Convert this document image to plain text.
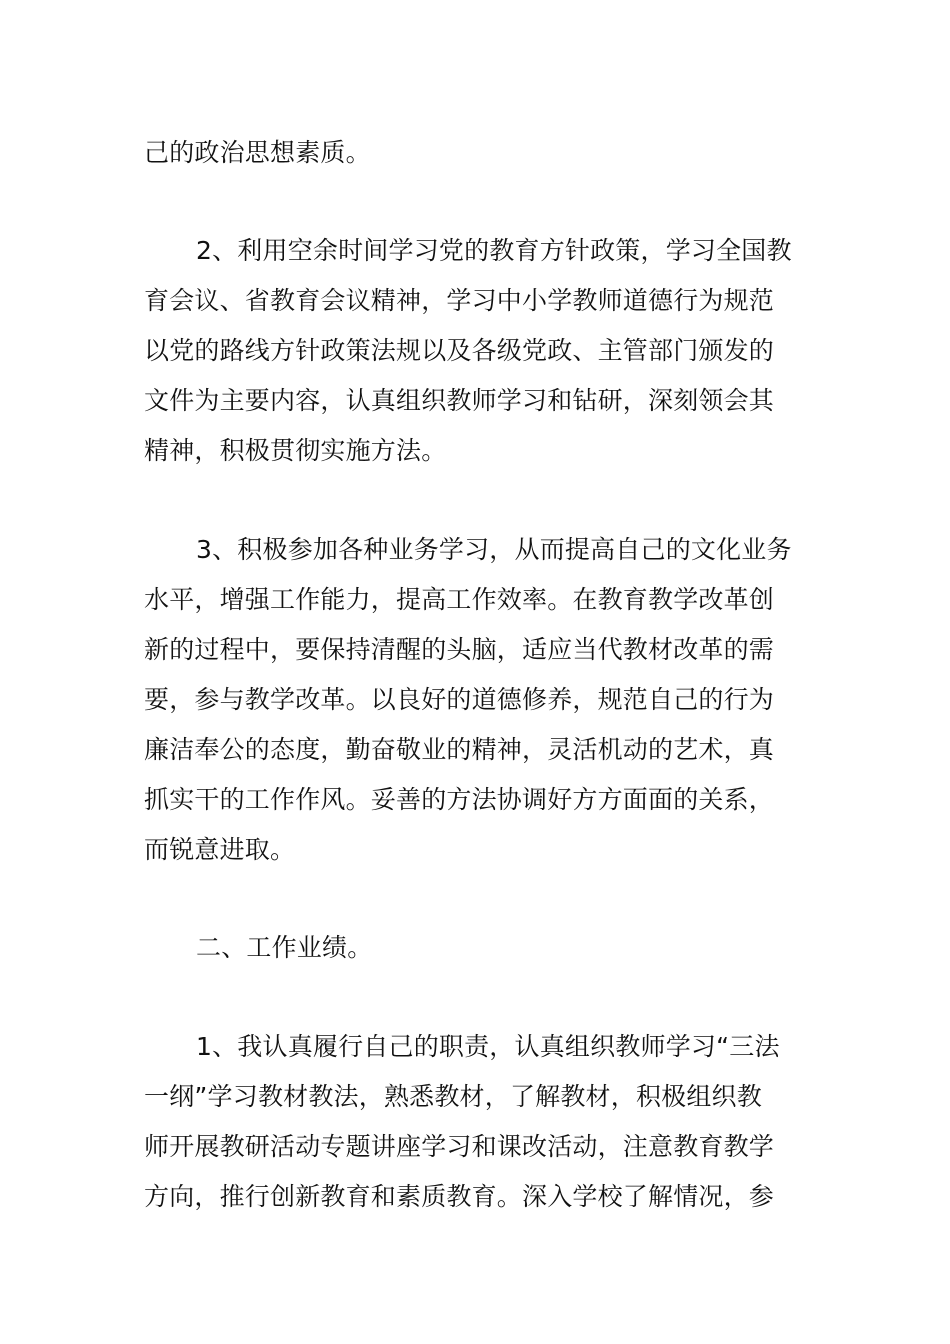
己的政治思想素质。
2、利用空余时间学习党的教育方针政策，学习全国教
育会议、省教育会议精神，学习中小学教师道德行为规范
以党的路线方针政策法规以及各级党政、主管部门颁发的
文件为主要内容，认真组织教师学习和钻研，深刻领会其
精神，积极贯彻实施方法。
3、积极参加各种业务学习，从而提高自己的文化业务
水平，增强工作能力，提高工作效率。在教育教学改革创
新的过程中，要保持清醒的头脑，适应当代教材改革的需
要，参与教学改革。以良好的道德修养，规范自己的行为
廉洁奉公的态度，勤奋敬业的精神，灵活机动的艺术，真
抓实干的工作作风。妥善的方法协调好方方面面的关系，
而锐意进取。
二、工作业绩。
1、我认真履行自己的职责，认真组织教师学习“三法
一纲”学习教材教法，熟悉教材，了解教材，积极组织教
师开展教研活动专题讲座学习和课改活动，注意教育教学
方向，推行创新教育和素质教育。深入学校了解情况，参
